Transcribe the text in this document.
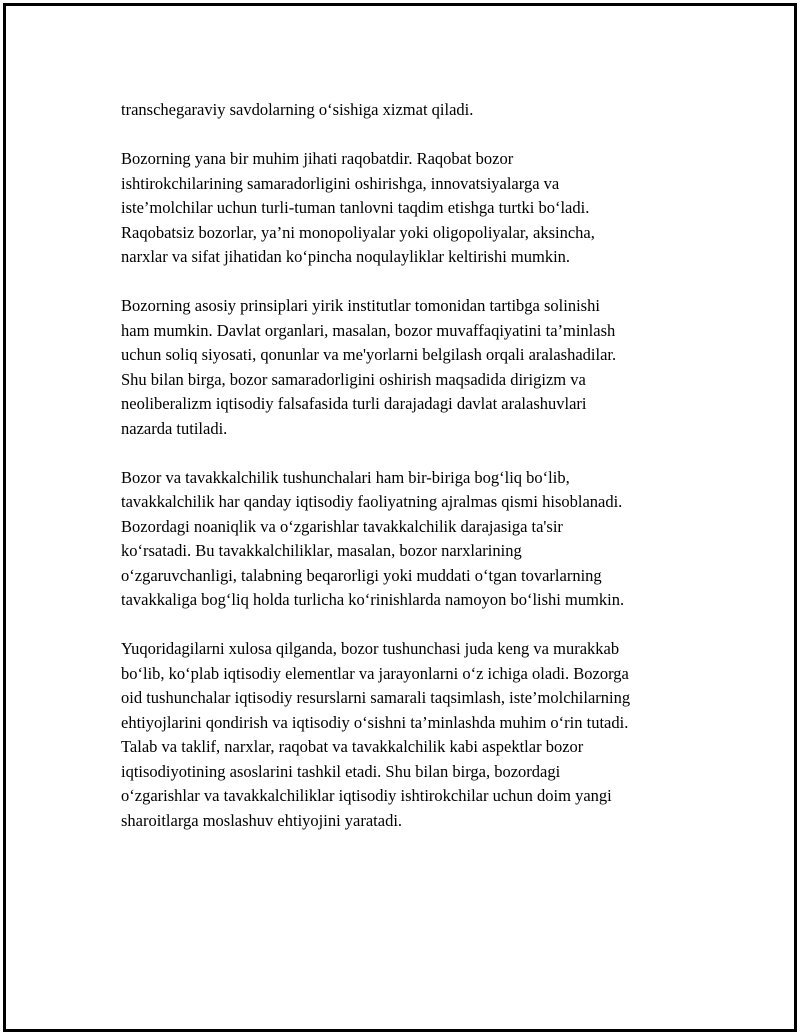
transchegaraviy savdolarning o‘sishiga xizmat qiladi.

Bozorning yana bir muhim jihati raqobatdir. Raqobat bozor
ishtirokchilarining samaradorligini oshirishga, innovatsiyalarga va
iste’molchilar uchun turli-tuman tanlovni taqdim etishga turtki bo‘ladi.
Raqobatsiz bozorlar, ya’ni monopoliyalar yoki oligopoliyalar, aksincha,
narxlar va sifat jihatidan ko‘pincha noqulayliklar keltirishi mumkin.

Bozorning asosiy prinsiplari yirik institutlar tomonidan tartibga solinishi
ham mumkin. Davlat organlari, masalan, bozor muvaffaqiyatini ta’minlash
uchun soliq siyosati, qonunlar va me'yorlarni belgilash orqali aralashadilar.
Shu bilan birga, bozor samaradorligini oshirish maqsadida dirigizm va
neoliberalizm iqtisodiy falsafasida turli darajadagi davlat aralashuvlari
nazarda tutiladi.

Bozor va tavakkalchilik tushunchalari ham bir-biriga bog‘liq bo‘lib,
tavakkalchilik har qanday iqtisodiy faoliyatning ajralmas qismi hisoblanadi.
Bozordagi noaniqlik va o‘zgarishlar tavakkalchilik darajasiga ta'sir
ko‘rsatadi. Bu tavakkalchiliklar, masalan, bozor narxlarining
o‘zgaruvchanligi, talabning beqarorligi yoki muddati o‘tgan tovarlarning
tavakkaliga bog‘liq holda turlicha ko‘rinishlarda namoyon bo‘lishi mumkin.

Yuqoridagilarni xulosa qilganda, bozor tushunchasi juda keng va murakkab
bo‘lib, ko‘plab iqtisodiy elementlar va jarayonlarni o‘z ichiga oladi. Bozorga
oid tushunchalar iqtisodiy resurslarni samarali taqsimlash, iste’molchilarning
ehtiyojlarini qondirish va iqtisodiy o‘sishni ta’minlashda muhim o‘rin tutadi.
Talab va taklif, narxlar, raqobat va tavakkalchilik kabi aspektlar bozor
iqtisodiyotining asoslarini tashkil etadi. Shu bilan birga, bozordagi
o‘zgarishlar va tavakkalchiliklar iqtisodiy ishtirokchilar uchun doim yangi
sharoitlarga moslashuv ehtiyojini yaratadi.
